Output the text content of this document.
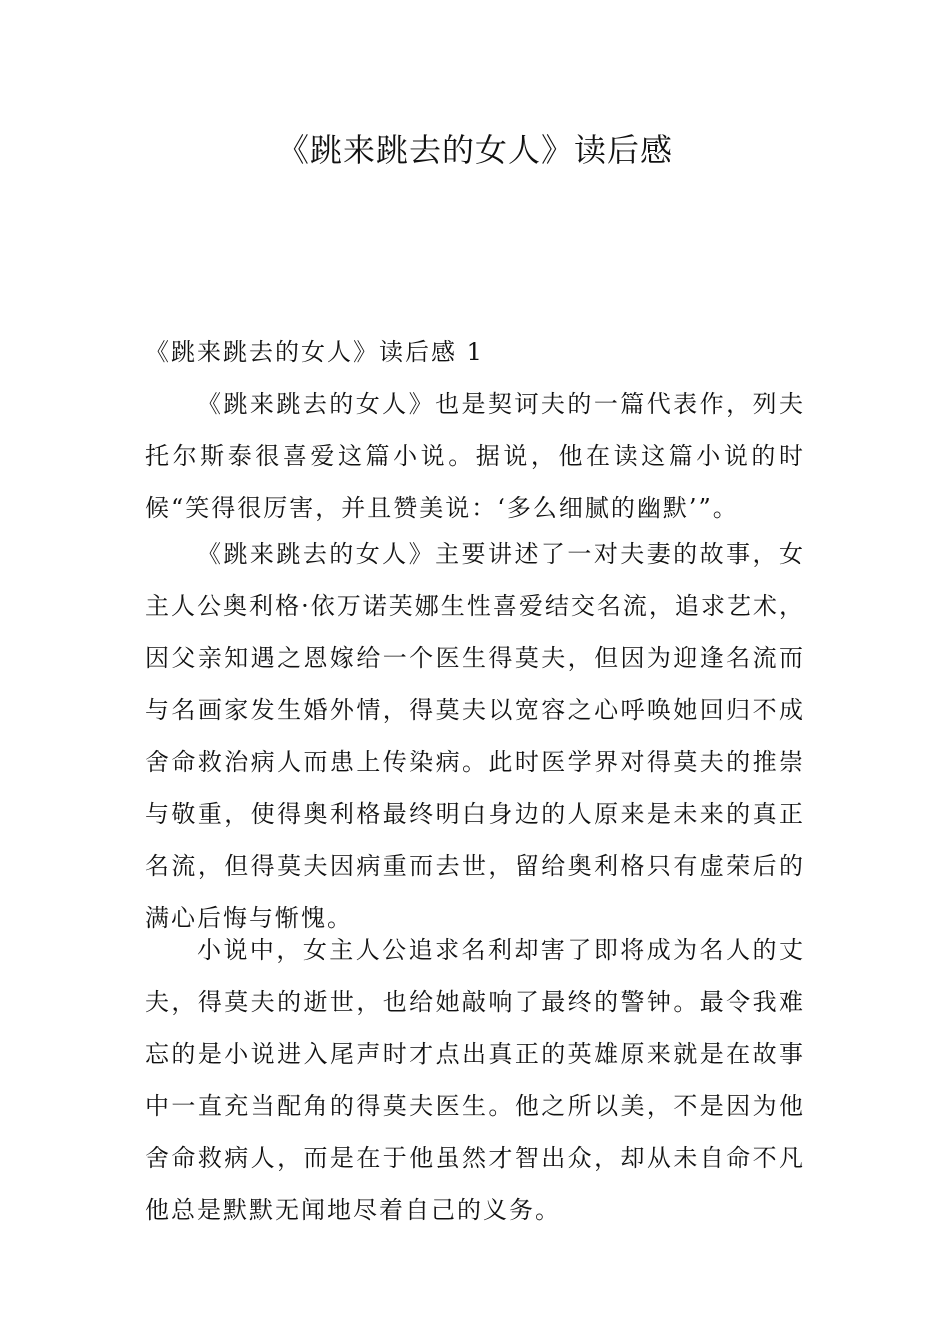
《跳来跳去的女人》读后感

《跳来跳去的女人》读后感 1

《跳来跳去的女人》也是契诃夫的一篇代表作，列夫托尔斯泰很喜爱这篇小说。据说，他在读这篇小说的时候“笑得很厉害，并且赞美说：‘多么细腻的幽默’”。

《跳来跳去的女人》主要讲述了一对夫妻的故事，女主人公奥利格·依万诺芙娜生性喜爱结交名流，追求艺术，因父亲知遇之恩嫁给一个医生得莫夫，但因为迎逢名流而与名画家发生婚外情，得莫夫以宽容之心呼唤她回归不成舍命救治病人而患上传染病。此时医学界对得莫夫的推崇与敬重，使得奥利格最终明白身边的人原来是未来的真正名流，但得莫夫因病重而去世，留给奥利格只有虚荣后的满心后悔与惭愧。

小说中，女主人公追求名利却害了即将成为名人的丈夫，得莫夫的逝世，也给她敲响了最终的警钟。最令我难忘的是小说进入尾声时才点出真正的英雄原来就是在故事中一直充当配角的得莫夫医生。他之所以美，不是因为他舍命救病人，而是在于他虽然才智出众，却从未自命不凡他总是默默无闻地尽着自己的义务。
